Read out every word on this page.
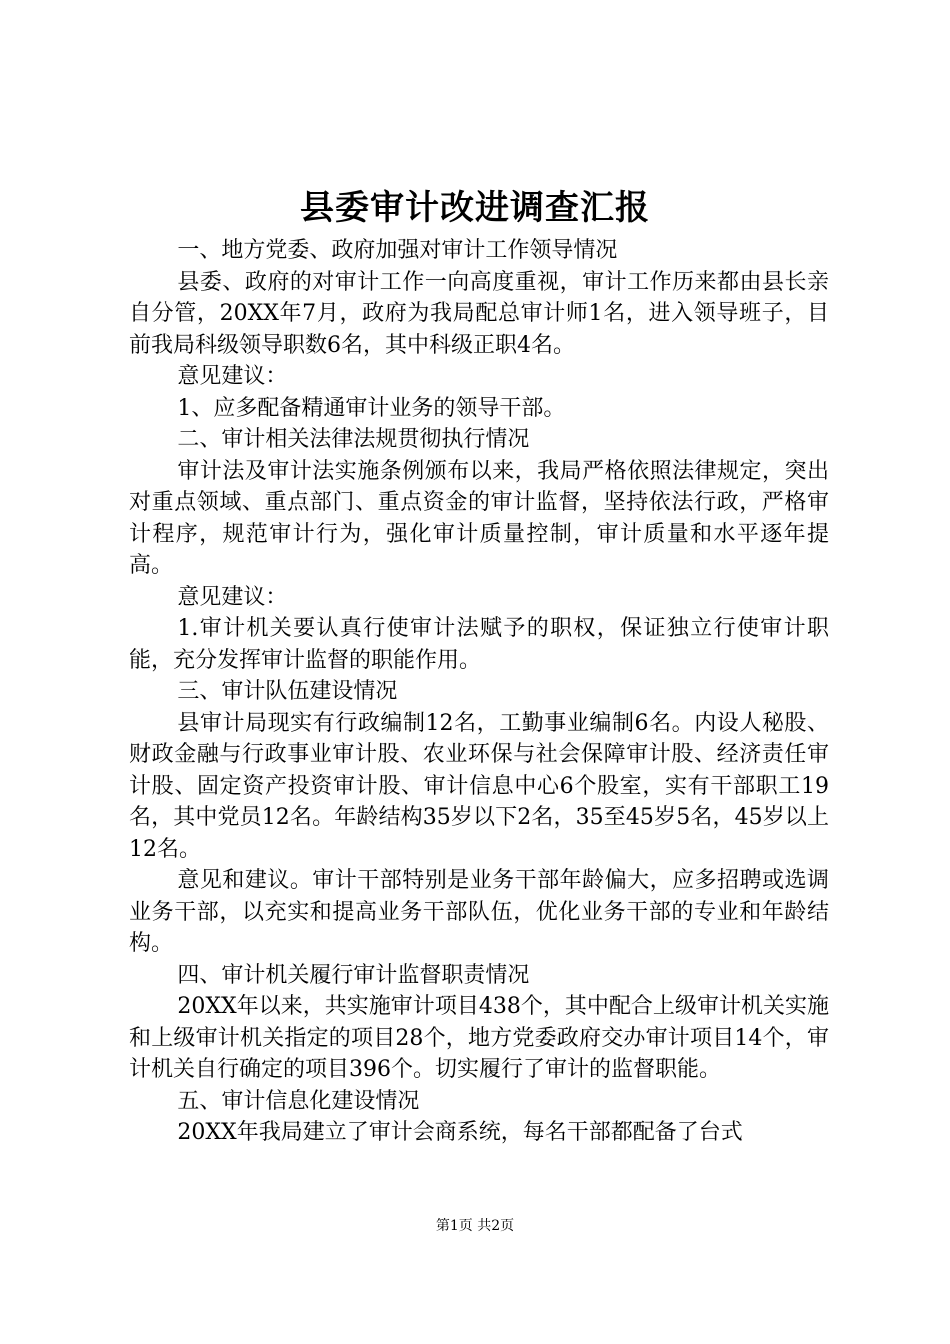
县委审计改进调查汇报

一、地方党委、政府加强对审计工作领导情况

县委、政府的对审计工作一向高度重视，审计工作历来都由县长亲自分管，20XX年7月，政府为我局配总审计师1名，进入领导班子，目前我局科级领导职数6名，其中科级正职4名。

意见建议：

1、应多配备精通审计业务的领导干部。

二、审计相关法律法规贯彻执行情况

审计法及审计法实施条例颁布以来，我局严格依照法律规定，突出对重点领域、重点部门、重点资金的审计监督，坚持依法行政，严格审计程序，规范审计行为，强化审计质量控制，审计质量和水平逐年提高。

意见建议：

1.审计机关要认真行使审计法赋予的职权，保证独立行使审计职能，充分发挥审计监督的职能作用。

三、审计队伍建设情况

县审计局现实有行政编制12名，工勤事业编制6名。内设人秘股、财政金融与行政事业审计股、农业环保与社会保障审计股、经济责任审计股、固定资产投资审计股、审计信息中心6个股室，实有干部职工19名，其中党员12名。年龄结构35岁以下2名，35至45岁5名，45岁以上12名。

意见和建议。审计干部特别是业务干部年龄偏大，应多招聘或选调业务干部，以充实和提高业务干部队伍，优化业务干部的专业和年龄结构。

四、审计机关履行审计监督职责情况

20XX年以来，共实施审计项目438个，其中配合上级审计机关实施和上级审计机关指定的项目28个，地方党委政府交办审计项目14个，审计机关自行确定的项目396个。切实履行了审计的监督职能。

五、审计信息化建设情况

20XX年我局建立了审计会商系统，每名干部都配备了台式

第1页 共2页
